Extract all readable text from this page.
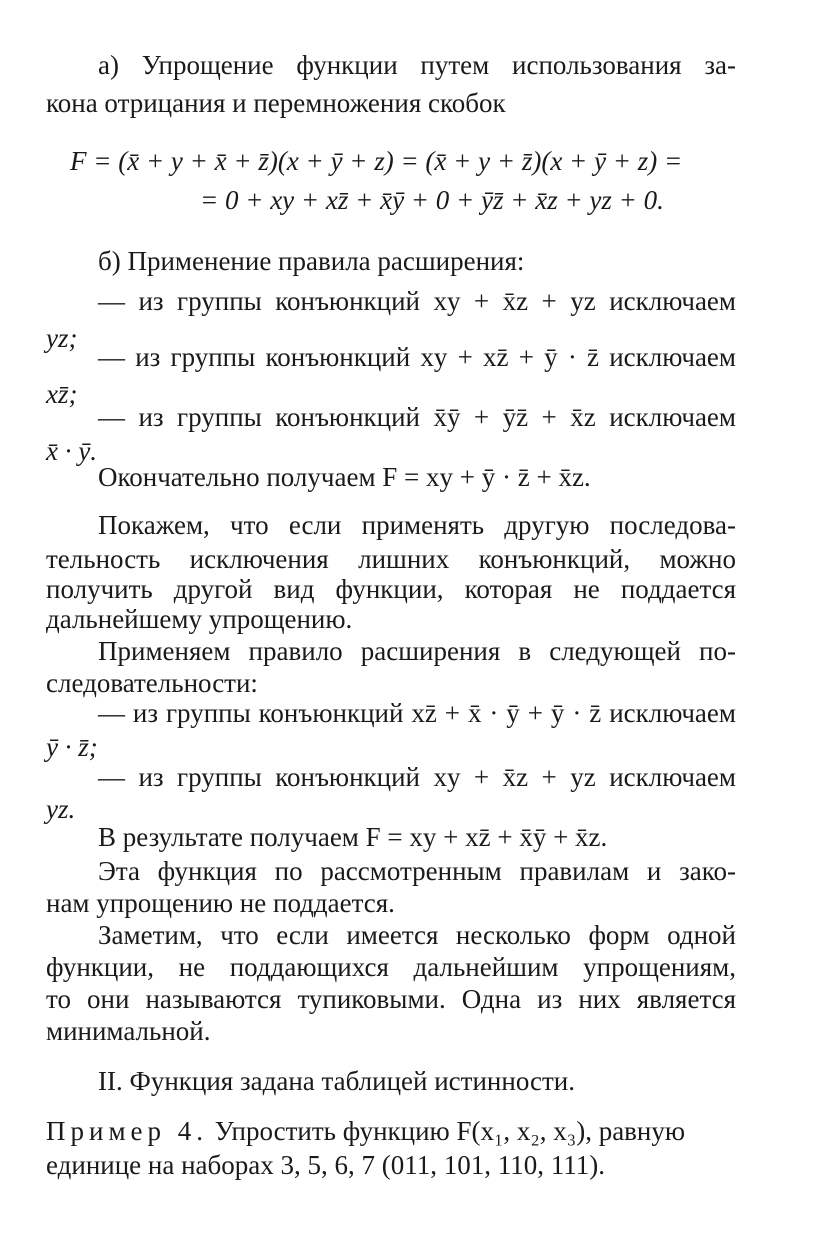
а) Упрощение функции путем использования за-
кона отрицания и перемножения скобок
F = (x̄ + y + x̄ + z̄)(x + ȳ + z) = (x̄ + y + z̄)(x + ȳ + z) =
= 0 + xy + xz̄ + x̄ȳ + 0 + ȳz̄ + x̄z + yz + 0.
б) Применение правила расширения:
— из группы конъюнкций xy + x̄z + yz исключаем
yz;
— из группы конъюнкций xy + xz̄ + ȳ · z̄ исключаем
xz̄;
— из группы конъюнкций x̄ȳ + ȳz̄ + x̄z исключаем
x̄ · ȳ.
Окончательно получаем F = xy + ȳ · z̄ + x̄z.
Покажем, что если применять другую последова-
тельность исключения лишних конъюнкций, можно
получить другой вид функции, которая не поддается
дальнейшему упрощению.
Применяем правило расширения в следующей по-
следовательности:
— из группы конъюнкций xz̄ + x̄ · ȳ + ȳ · z̄ исключаем
ȳ · z̄;
— из группы конъюнкций xy + x̄z + yz исключаем
yz.
В результате получаем F = xy + xz̄ + x̄ȳ + x̄z.
Эта функция по рассмотренным правилам и зако-
нам упрощению не поддается.
Заметим, что если имеется несколько форм одной
функции, не поддающихся дальнейшим упрощениям,
то они называются тупиковыми. Одна из них является
минимальной.
II. Функция задана таблицей истинности.
Пример 4. Упростить функцию F(x₁, x₂, x₃), равную
единице на наборах 3, 5, 6, 7 (011, 101, 110, 111).
